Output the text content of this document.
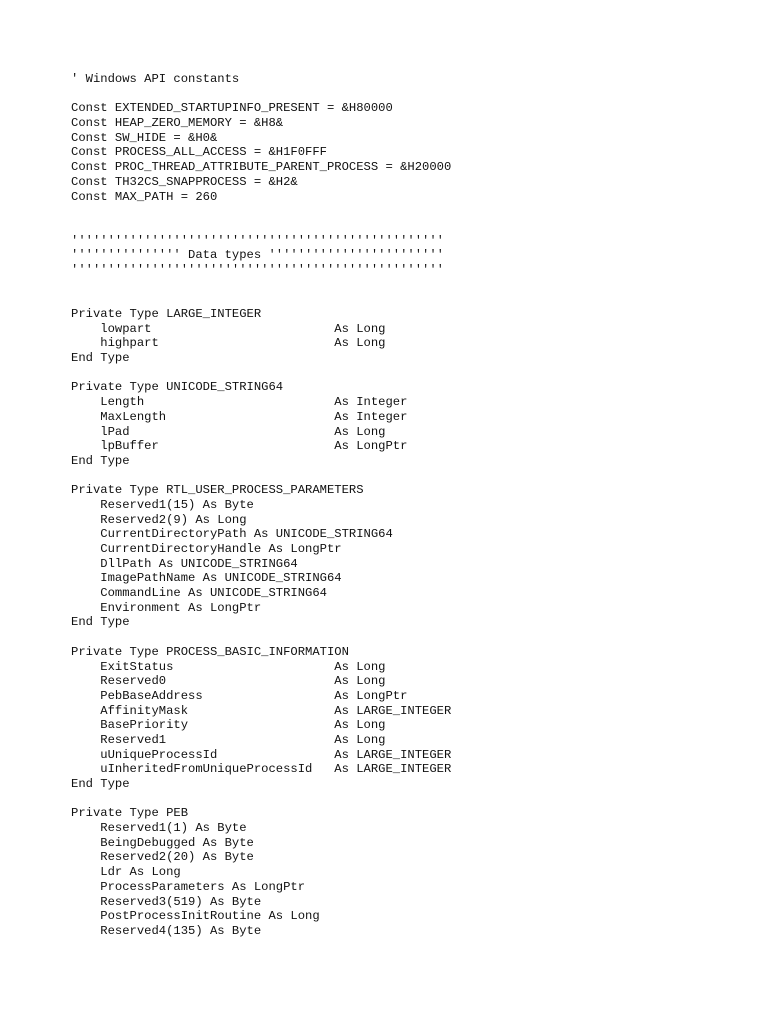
' Windows API constants
Const EXTENDED_STARTUPINFO_PRESENT = &H80000
Const HEAP_ZERO_MEMORY = &H8&
Const SW_HIDE = &H0&
Const PROCESS_ALL_ACCESS = &H1F0FFF
Const PROC_THREAD_ATTRIBUTE_PARENT_PROCESS = &H20000
Const TH32CS_SNAPPROCESS = &H2&
Const MAX_PATH = 260
'''''''''''''''''''''''''''''''''''''''''''''''''''
''''''''''''''' Data types ''''''''''''''''''''''''
'''''''''''''''''''''''''''''''''''''''''''''''''''
Private Type LARGE_INTEGER
lowpart                         As Long
highpart                        As Long
End Type
Private Type UNICODE_STRING64
Length                          As Integer
MaxLength                       As Integer
lPad                            As Long
lpBuffer                        As LongPtr
End Type
Private Type RTL_USER_PROCESS_PARAMETERS
Reserved1(15) As Byte
Reserved2(9) As Long
CurrentDirectoryPath As UNICODE_STRING64
CurrentDirectoryHandle As LongPtr
DllPath As UNICODE_STRING64
ImagePathName As UNICODE_STRING64
CommandLine As UNICODE_STRING64
Environment As LongPtr
End Type
Private Type PROCESS_BASIC_INFORMATION
ExitStatus                      As Long
Reserved0                       As Long
PebBaseAddress                  As LongPtr
AffinityMask                    As LARGE_INTEGER
BasePriority                    As Long
Reserved1                       As Long
uUniqueProcessId                As LARGE_INTEGER
uInheritedFromUniqueProcessId   As LARGE_INTEGER
End Type
Private Type PEB
Reserved1(1) As Byte
BeingDebugged As Byte
Reserved2(20) As Byte
Ldr As Long
ProcessParameters As LongPtr
Reserved3(519) As Byte
PostProcessInitRoutine As Long
Reserved4(135) As Byte
